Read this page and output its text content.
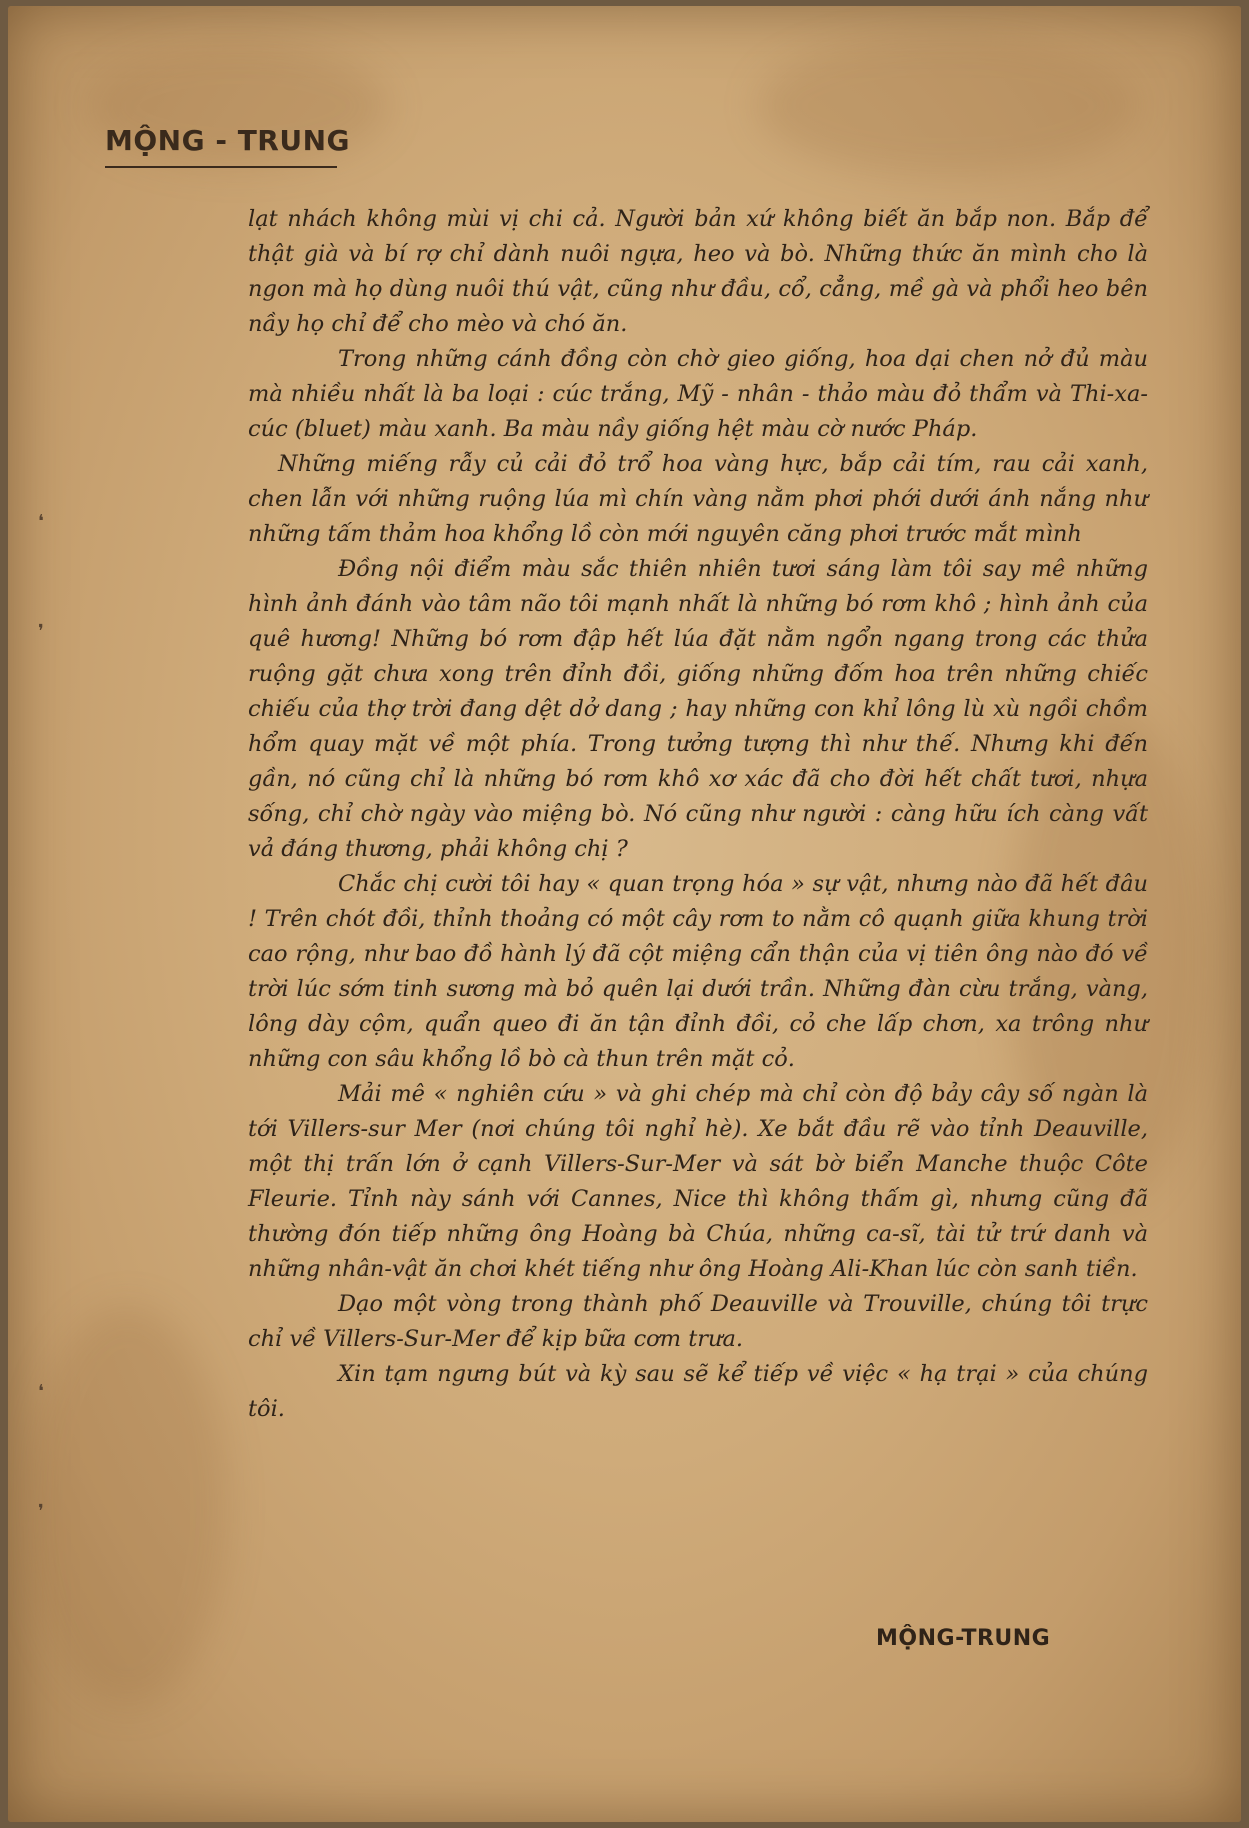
MỘNG - TRUNG

lạt nhách không mùi vị chi cả. Người bản xứ không biết ăn bắp non. Bắp để thật già và bí rợ chỉ dành nuôi ngựa, heo và bò. Những thức ăn mình cho là ngon mà họ dùng nuôi thú vật, cũng như đầu, cổ, cẳng, mề gà và phổi heo bên nầy họ chỉ để cho mèo và chó ăn.

Trong những cánh đồng còn chờ gieo giống, hoa dại chen nở đủ màu mà nhiều nhất là ba loại : cúc trắng, Mỹ - nhân - thảo màu đỏ thẩm và Thi-xa-cúc (bluet) màu xanh. Ba màu nầy giống hệt màu cờ nước Pháp.

Những miếng rẫy củ cải đỏ trổ hoa vàng hực, bắp cải tím, rau cải xanh, chen lẫn với những ruộng lúa mì chín vàng nằm phơi phới dưới ánh nắng như những tấm thảm hoa khổng lồ còn mới nguyên căng phơi trước mắt mình

Đồng nội điểm màu sắc thiên nhiên tươi sáng làm tôi say mê những hình ảnh đánh vào tâm não tôi mạnh nhất là những bó rơm khô ; hình ảnh của quê hương! Những bó rơm đập hết lúa đặt nằm ngổn ngang trong các thửa ruộng gặt chưa xong trên đỉnh đồi, giống những đốm hoa trên những chiếc chiếu của thợ trời đang dệt dở dang ; hay những con khỉ lông lù xù ngồi chồm hổm quay mặt về một phía. Trong tưởng tượng thì như thế. Nhưng khi đến gần, nó cũng chỉ là những bó rơm khô xơ xác đã cho đời hết chất tươi, nhựa sống, chỉ chờ ngày vào miệng bò. Nó cũng như người : càng hữu ích càng vất vả đáng thương, phải không chị ?

Chắc chị cười tôi hay « quan trọng hóa » sự vật, nhưng nào đã hết đâu ! Trên chót đồi, thỉnh thoảng có một cây rơm to nằm cô quạnh giữa khung trời cao rộng, như bao đồ hành lý đã cột miệng cẩn thận của vị tiên ông nào đó về trời lúc sớm tinh sương mà bỏ quên lại dưới trần. Những đàn cừu trắng, vàng, lông dày cộm, quẩn queo đi ăn tận đỉnh đồi, cỏ che lấp chơn, xa trông như những con sâu khổng lồ bò cà thun trên mặt cỏ.

Mải mê « nghiên cứu » và ghi chép mà chỉ còn độ bảy cây số ngàn là tới Villers-sur Mer (nơi chúng tôi nghỉ hè). Xe bắt đầu rẽ vào tỉnh Deauville, một thị trấn lớn ở cạnh Villers-Sur-Mer và sát bờ biển Manche thuộc Côte Fleurie. Tỉnh này sánh với Cannes, Nice thì không thấm gì, nhưng cũng đã thường đón tiếp những ông Hoàng bà Chúa, những ca-sĩ, tài tử trứ danh và những nhân-vật ăn chơi khét tiếng như ông Hoàng Ali-Khan lúc còn sanh tiền.

Dạo một vòng trong thành phố Deauville và Trouville, chúng tôi trực chỉ về Villers-Sur-Mer để kịp bữa cơm trưa.

Xin tạm ngưng bút và kỳ sau sẽ kể tiếp về việc « hạ trại » của chúng tôi.

MỘNG-TRUNG
❛
❜
❛
❜
